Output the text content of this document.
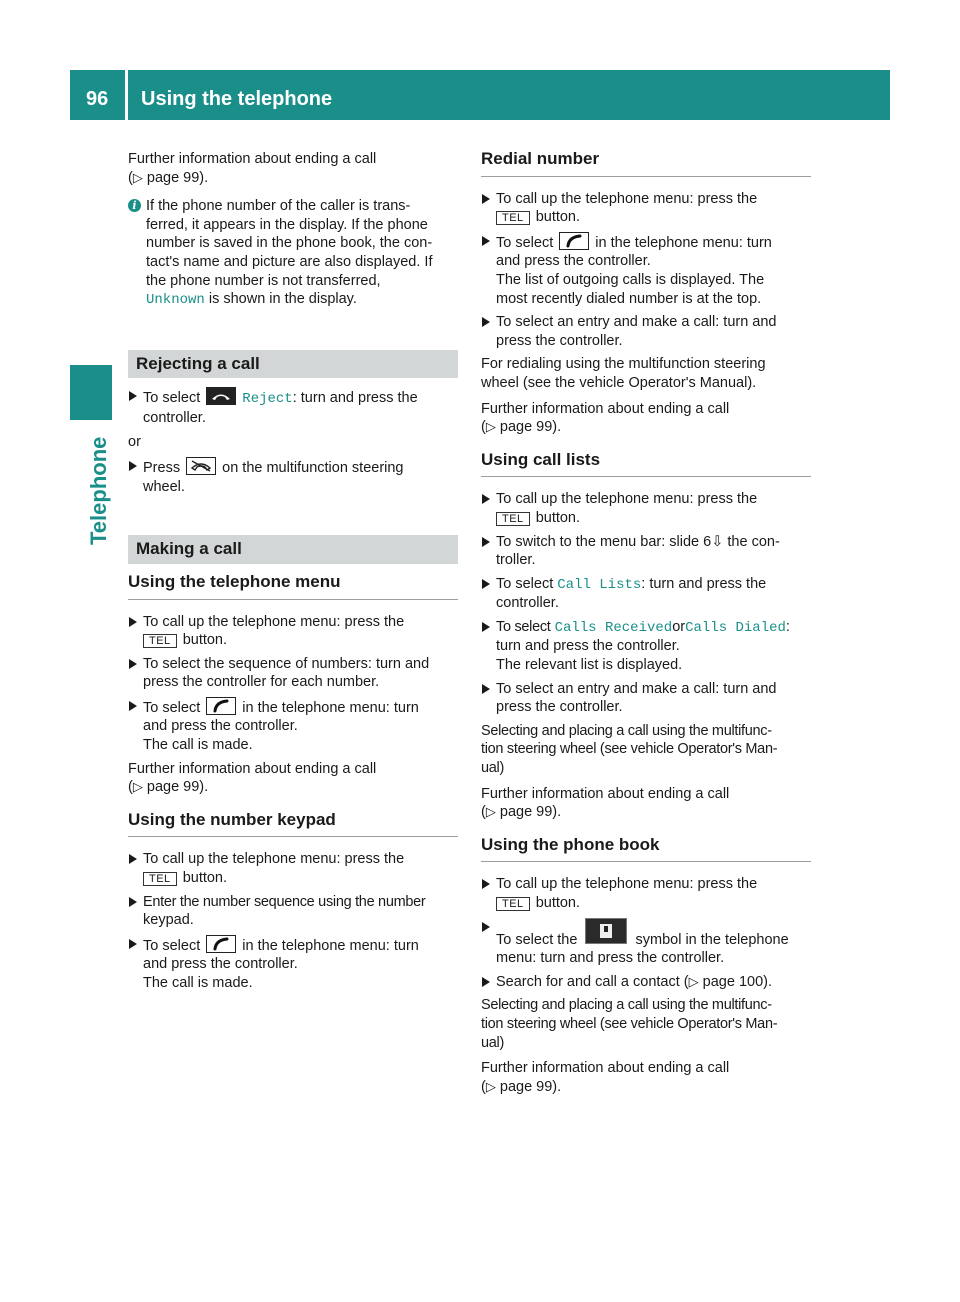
96 Using the telephone
Telephone
Further information about ending a call
(▷ page 99).
i If the phone number of the caller is trans-
ferred, it appears in the display. If the phone
number is saved in the phone book, the con-
tact's name and picture are also displayed. If
the phone number is not transferred,
Unknown is shown in the display.
Rejecting a call
To select	Reject: turn and press the
controller.
or
Press	on the multifunction steering
wheel.
Making a call
Using the telephone menu
To call up the telephone menu: press the
TEL button.
To select the sequence of numbers: turn and
press the controller for each number.
To select	in the telephone menu: turn
and press the controller.
The call is made.
Further information about ending a call
(▷ page 99).
Using the number keypad
To call up the telephone menu: press the
TEL button.
Enter the number sequence using the number
keypad.
To select	in the telephone menu: turn
and press the controller.
The call is made.
Redial number
To call up the telephone menu: press the
TEL button.
To select	in the telephone menu: turn
and press the controller.
The list of outgoing calls is displayed. The
most recently dialed number is at the top.
To select an entry and make a call: turn and
press the controller.
For redialing using the multifunction steering
wheel (see the vehicle Operator's Manual).
Further information about ending a call
(▷ page 99).
Using call lists
To call up the telephone menu: press the
TEL button.
To switch to the menu bar: slide 6⇩ the con-
troller.
To select Call Lists: turn and press the
controller.
To select Calls ReceivedorCalls Dialed:
turn and press the controller.
The relevant list is displayed.
To select an entry and make a call: turn and
press the controller.
Selecting and placing a call using the multifunc-
tion steering wheel (see vehicle Operator's Man-
ual)
Further information about ending a call
(▷ page 99).
Using the phone book
To call up the telephone menu: press the
TEL button.
To select the	symbol in the telephone
menu: turn and press the controller.
Search for and call a contact (▷ page 100).
Selecting and placing a call using the multifunc-
tion steering wheel (see vehicle Operator's Man-
ual)
Further information about ending a call
(▷ page 99).
